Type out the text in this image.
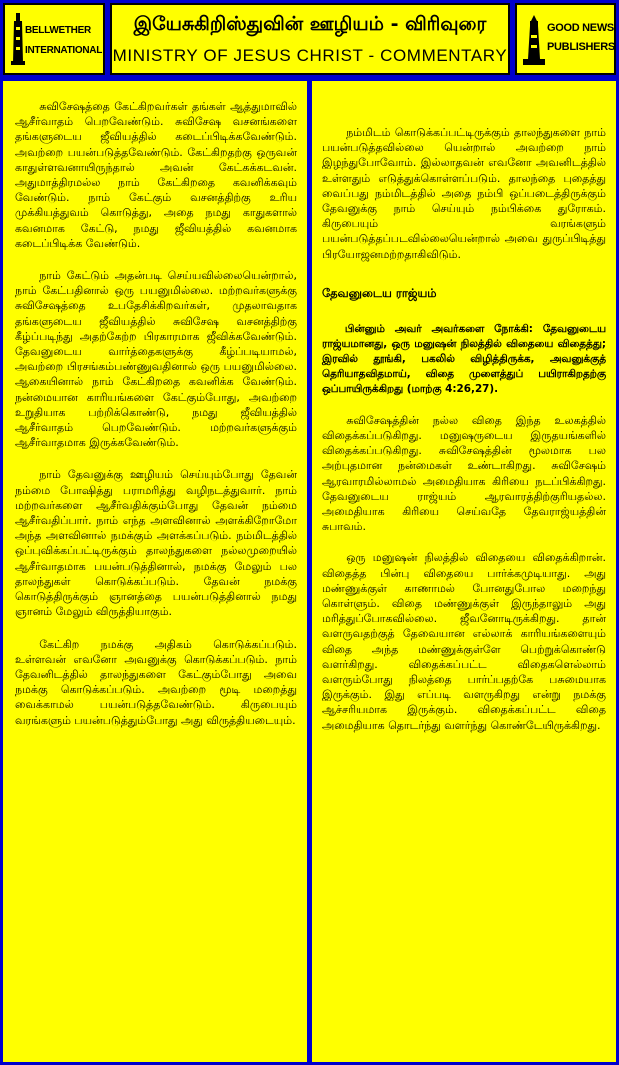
BELLWETHER
INTERNATIONAL
இயேசுகிறிஸ்துவின் ஊழியம் - விரிவுரை
MINISTRY OF JESUS CHRIST - COMMENTARY
GOOD NEWS
PUBLISHERS

சுவிசேஷத்தை கேட்கிறவர்கள் தங்கள் ஆத்துமாவில் ஆசீர்வாதம் பெறவேண்டும். சுவிசேஷ வசனங்களை தங்களுடைய ஜீவியத்தில் கடைப்பிடிக்கவேண்டும். அவற்றை பயன்படுத்தவேண்டும். கேட்கிறதற்கு ஒருவன் காதுள்ளவனாயிருந்தால் அவன் கேட்கக்கடவன். அதுமாத்திரமல்ல நாம் கேட்கிறதை கவனிக்கவும் வேண்டும். நாம் கேட்கும் வசனத்திற்கு உரிய முக்கியத்துவம் கொடுத்து, அதை நமது காதுகளால் கவனமாக கேட்டு, நமது ஜீவியத்தில் கவனமாக கடைப்பிடிக்க வேண்டும்.

நாம் கேட்டும் அதன்படி செய்யவில்லையென்றால், நாம் கேட்பதினால் ஒரு பயனுமில்லை. மற்றவர்களுக்கு சுவிசேஷத்தை உபதேசிக்கிறவர்கள், முதலாவதாக தங்களுடைய ஜீவியத்தில் சுவிசேஷ வசனத்திற்கு கீழ்ப்படிந்து அதற்கேற்ற பிரகாரமாக ஜீவிக்கவேண்டும். தேவனுடைய வார்த்தைகளுக்கு கீழ்ப்படியாமல், அவற்றை பிரசங்கம்பண்ணுவதினால் ஒரு பயனுமில்லை. ஆகையினால் நாம் கேட்கிறதை கவனிக்க வேண்டும். நன்மையான காரியங்களை கேட்கும்போது, அவற்றை உறுதியாக பற்றிக்கொண்டு, நமது ஜீவியத்தில் ஆசீர்வாதம் பெறவேண்டும். மற்றவர்களுக்கும் ஆசீர்வாதமாக இருக்கவேண்டும்.

நாம் தேவனுக்கு ஊழியம் செய்யும்போது தேவன் நம்மை போஷித்து பராமரித்து வழிநடத்துவார். நாம் மற்றவர்களை ஆசீர்வதிக்கும்போது தேவன் நம்மை ஆசீர்வதிப்பார். நாம் எந்த அளவினால் அளக்கிறோமோ அந்த அளவினால் நமக்கும் அளக்கப்படும். நம்மிடத்தில் ஒப்புவிக்கப்பட்டிருக்கும் தாலந்துகளை நல்லமுறையில் ஆசீர்வாதமாக பயன்படுத்தினால், நமக்கு மேலும் பல தாலந்துகள் கொடுக்கப்படும். தேவன் நமக்கு கொடுத்திருக்கும் ஞானத்தை பயன்படுத்தினால் நமது ஞானம் மேலும் விருத்தியாகும்.

கேட்கிற நமக்கு அதிகம் கொடுக்கப்படும். உள்ளவன் எவனோ அவனுக்கு கொடுக்கப்படும். நாம் தேவனிடத்தில் தாலந்துகளை கேட்கும்போது அவை நமக்கு கொடுக்கப்படும். அவற்றை மூடி மறைத்து வைக்காமல் பயன்படுத்தவேண்டும். கிருபையும் வரங்களும் பயன்படுத்தும்போது அது விருத்தியடையும்.

நம்மிடம் கொடுக்கப்பட்டிருக்கும் தாலந்துகளை நாம் பயன்படுத்தவில்லை யென்றால் அவற்றை நாம் இழந்துபோவோம். இல்லாதவன் எவனோ அவனிடத்தில் உள்ளதும் எடுத்துக்கொள்ளப்படும். தாலந்தை புதைத்து வைப்பது நம்மிடத்தில் அதை நம்பி ஒப்படைத்திருக்கும் தேவனுக்கு நாம் செய்யும் நம்பிக்கை துரோகம். கிருபையும் வரங்களும் பயன்படுத்தப்படவில்லையென்றால் அவை துருப்பிடித்து பிரயோஜனமற்றதாகிவிடும்.

தேவனுடைய ராஜ்யம்

பின்னும் அவர் அவர்களை நோக்கி: தேவனுடைய ராஜ்யமானது, ஒரு மனுஷன் நிலத்தில் விதையை விதைத்து; இரவில் தூங்கி, பகலில் விழித்திருக்க, அவனுக்குத் தெரியாதவிதமாய், விதை முளைத்துப் பயிராகிறதற்கு ஒப்பாயிருக்கிறது (மாற்கு 4:26,27).

சுவிசேஷத்தின் நல்ல விதை இந்த உலகத்தில் விதைக்கப்படுகிறது. மனுஷருடைய இருதயங்களில் விதைக்கப்படுகிறது. சுவிசேஷத்தின் மூலமாக பல அற்புதமான நன்மைகள் உண்டாகிறது. சுவிசேஷம் ஆரவாரமில்லாமல் அமைதியாக கிரியை நடப்பிக்கிறது. தேவனுடைய ராஜ்யம் ஆரவாரத்திற்குரியதல்ல. அமைதியாக கிரியை செய்வதே தேவராஜ்யத்தின் சுபாவம்.

ஒரு மனுஷன் நிலத்தில் விதையை விதைக்கிறான். விதைத்த பின்பு விதையை பார்க்கமுடியாது. அது மண்ணுக்குள் காணாமல் போனதுபோல மறைந்து கொள்ளும். விதை மண்ணுக்குள் இருந்தாலும் அது மரித்துப்போகவில்லை. ஜீவனோடிருக்கிறது. தான் வளருவதற்குத் தேவையான எல்லாக் காரியங்களையும் விதை அந்த மண்ணுக்குள்ளே பெற்றுக்கொண்டு வளர்கிறது. விதைக்கப்பட்ட விதைகளெல்லாம் வளரும்போது நிலத்தை பார்ப்பதற்கே பசுமையாக இருக்கும். இது எப்படி வளருகிறது என்று நமக்கு ஆச்சரியமாக இருக்கும். விதைக்கப்பட்ட விதை அமைதியாக தொடர்ந்து வளர்ந்து கொண்டேயிருக்கிறது.
